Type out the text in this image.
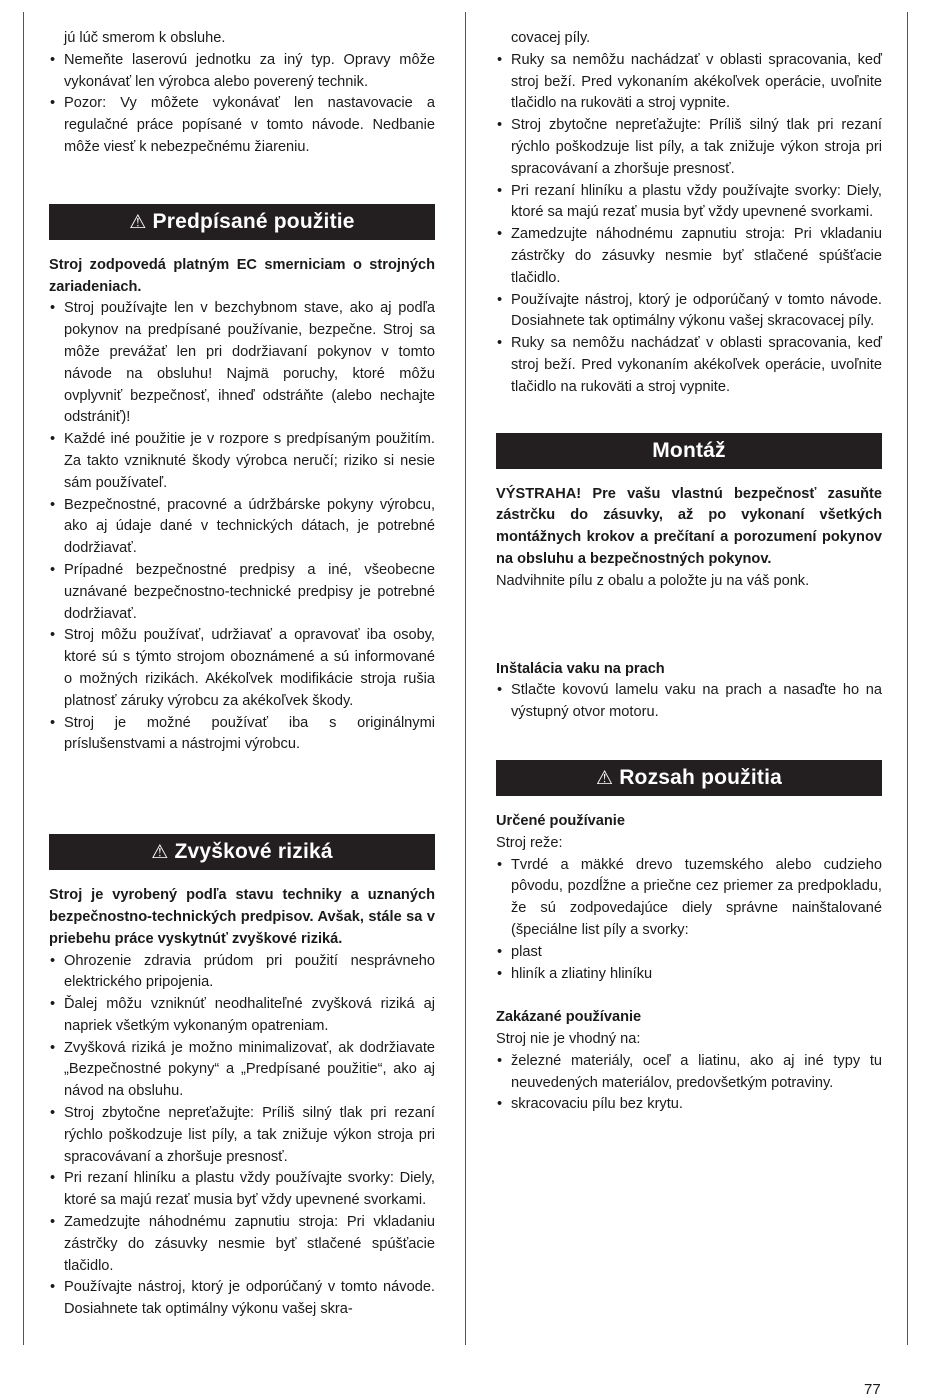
jú lúč smerom k obsluhe.
• Nemeňte laserovú jednotku za iný typ. Opravy môže vykonávať len výrobca alebo poverený technik.
• Pozor: Vy môžete vykonávať len nastavovacie a regulačné práce popísané v tomto návode. Nedbanie môže viesť k nebezpečnému žiareniu.
⚠ Predpísané použitie

Stroj zodpovedá platným EC smerniciam o strojných zariadeniach.

• Stroj používajte len v bezchybnom stave, ako aj podľa pokynov na predpísané používanie, bezpečne. Stroj sa môže prevážať len pri dodržiavaní pokynov v tomto návode na obsluhu! Najmä poruchy, ktoré môžu ovplyvniť bezpečnosť, ihneď odstráňte (alebo nechajte odstrániť)!
• Každé iné použitie je v rozpore s predpísaným použitím. Za takto vzniknuté škody výrobca neručí; riziko si nesie sám používateľ.
• Bezpečnostné, pracovné a údržbárske pokyny výrobcu, ako aj údaje dané v technických dátach, je potrebné dodržiavať.
• Prípadné bezpečnostné predpisy a iné, všeobecne uznávané bezpečnostno-technické predpisy je potrebné dodržiavať.
• Stroj môžu používať, udržiavať a opravovať iba osoby, ktoré sú s týmto strojom oboznámené a sú informované o možných rizikách. Akékoľvek modifikácie stroja rušia platnosť záruky výrobcu za akékoľvek škody.
• Stroj je možné používať iba s originálnymi príslušenstvami a nástrojmi výrobcu.
⚠ Zvyškové riziká

Stroj je vyrobený podľa stavu techniky a uznaných bezpečnostno-technických predpisov. Avšak, stále sa v priebehu práce vyskytnúť zvyškové riziká.

• Ohrozenie zdravia prúdom pri použití nesprávneho elektrického pripojenia.
• Ďalej môžu vzniknúť neodhaliteľné zvyšková riziká aj napriek všetkým vykonaným opatreniam.
• Zvyšková riziká je možno minimalizovať, ak dodržiavate „Bezpečnostné pokyny“ a „Predpísané použitie“, ako aj návod na obsluhu.
• Stroj zbytočne nepreťažujte: Príliš silný tlak pri rezaní rýchlo poškodzuje list píly, a tak znižuje výkon stroja pri spracovávaní a zhoršuje presnosť.
• Pri rezaní hliníku a plastu vždy používajte svorky: Diely, ktoré sa majú rezať musia byť vždy upevnené svorkami.
• Zamedzujte náhodnému zapnutiu stroja: Pri vkladaniu zástrčky do zásuvky nesmie byť stlačené spúšťacie tlačidlo.
• Používajte nástroj, ktorý je odporúčaný v tomto návode. Dosiahnete tak optimálny výkonu vašej skra-
covacej píly.
• Ruky sa nemôžu nachádzať v oblasti spracovania, keď stroj beží. Pred vykonaním akékoľvek operácie, uvoľnite tlačidlo na rukoväti a stroj vypnite.
• Stroj zbytočne nepreťažujte: Príliš silný tlak pri rezaní rýchlo poškodzuje list píly, a tak znižuje výkon stroja pri spracovávaní a zhoršuje presnosť.
• Pri rezaní hliníku a plastu vždy používajte svorky: Diely, ktoré sa majú rezať musia byť vždy upevnené svorkami.
• Zamedzujte náhodnému zapnutiu stroja: Pri vkladaniu zástrčky do zásuvky nesmie byť stlačené spúšťacie tlačidlo.
• Používajte nástroj, ktorý je odporúčaný v tomto návode. Dosiahnete tak optimálny výkonu vašej skracovacej píly.
• Ruky sa nemôžu nachádzať v oblasti spracovania, keď stroj beží. Pred vykonaním akékoľvek operácie, uvoľnite tlačidlo na rukoväti a stroj vypnite.
Montáž

VÝSTRAHA! Pre vašu vlastnú bezpečnosť zasuňte zástrčku do zásuvky, až po vykonaní všetkých montážnych krokov a prečítaní a porozumení pokynov na obsluhu a bezpečnostných pokynov.

Nadvihnite pílu z obalu a položte ju na váš ponk.

Inštalácia vaku na prach

• Stlačte kovovú lamelu vaku na prach a nasaďte ho na výstupný otvor motoru.
⚠ Rozsah použitia

Určené používanie

Stroj reže:

• Tvrdé a mäkké drevo tuzemského alebo cudzieho pôvodu, pozdĺžne a priečne cez priemer za predpokladu, že sú zodpovedajúce diely správne nainštalované (špeciálne list píly a svorky:
• plast
• hliník a zliatiny hliníku

Zakázané používanie

Stroj nie je vhodný na:

• železné materiály, oceľ a liatinu, ako aj iné typy tu neuvedených materiálov, predovšetkým potraviny.
• skracovaciu pílu bez krytu.
77
